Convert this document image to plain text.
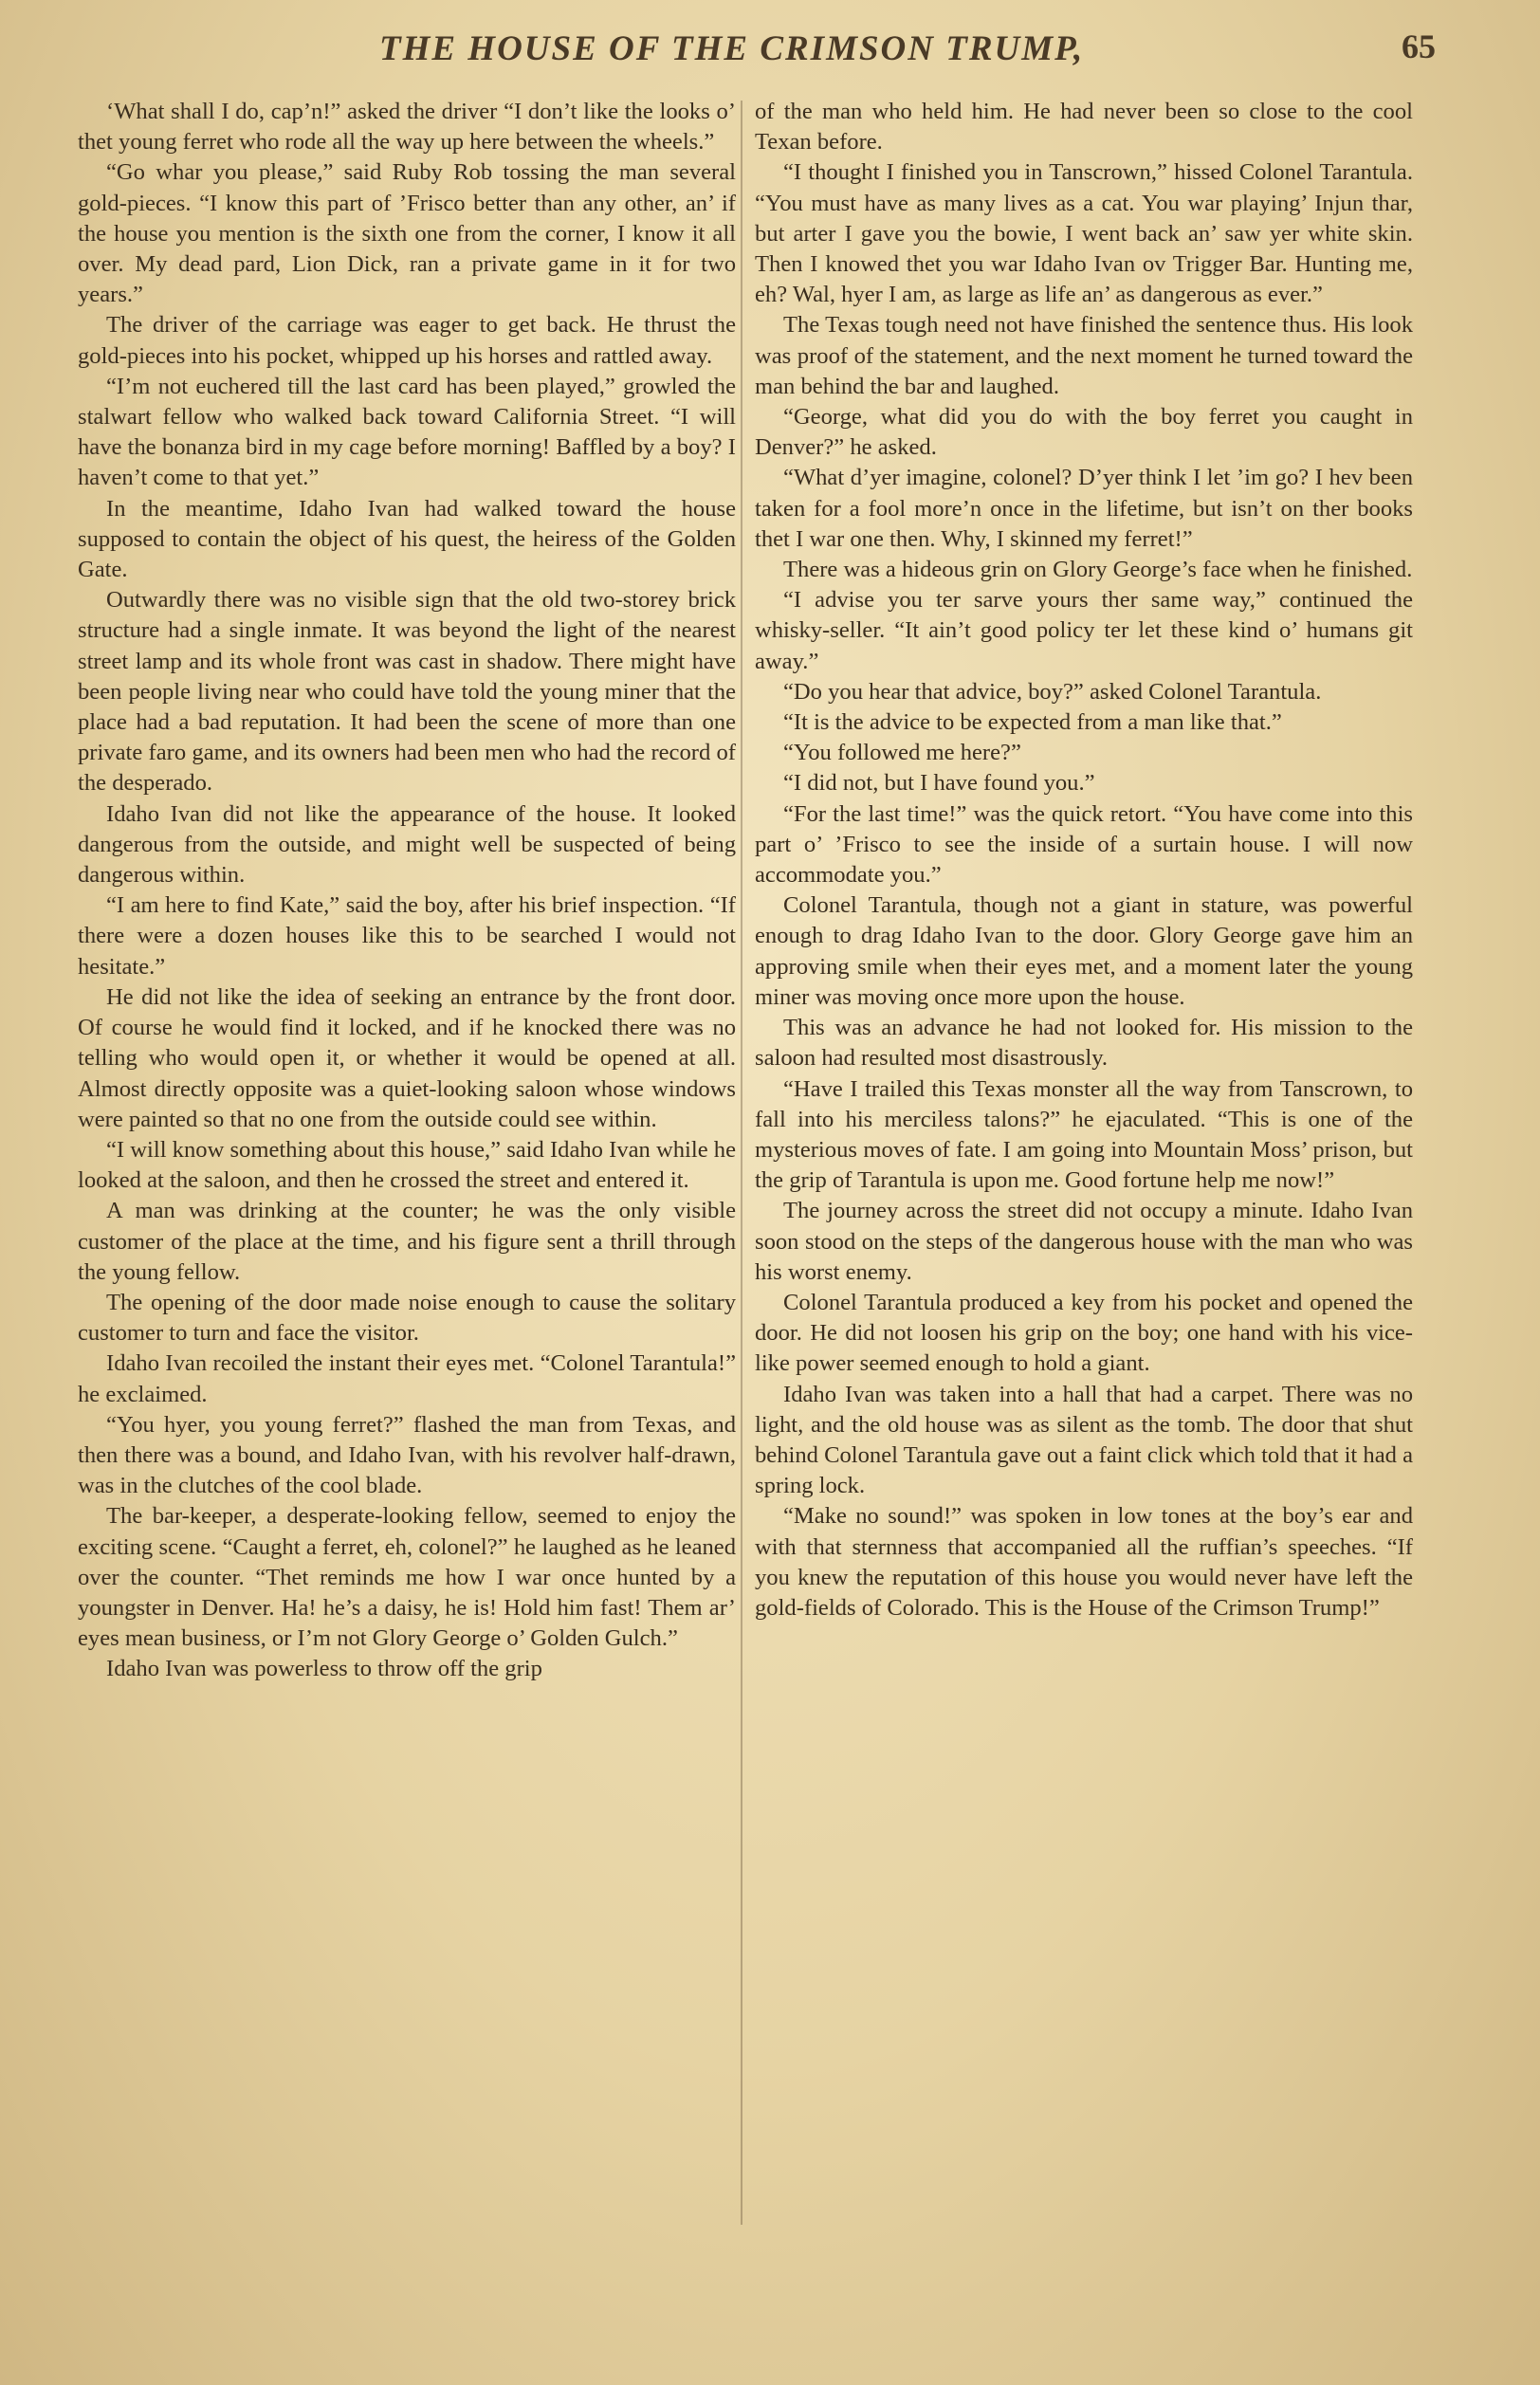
THE HOUSE OF THE CRIMSON TRUMP,	65

‘What shall I do, cap’n!” asked the driver “I don’t like the looks o’ thet young ferret who rode all the way up here between the wheels.”

“Go whar you please,” said Ruby Rob tossing the man several gold-pieces. “I know this part of ’Frisco better than any other, an’ if the house you mention is the sixth one from the corner, I know it all over. My dead pard, Lion Dick, ran a private game in it for two years.”

The driver of the carriage was eager to get back. He thrust the gold-pieces into his pocket, whipped up his horses and rattled away.

“I’m not euchered till the last card has been played,” growled the stalwart fellow who walked back toward California Street. “I will have the bonanza bird in my cage before morning! Baffled by a boy? I haven’t come to that yet.”

In the meantime, Idaho Ivan had walked toward the house supposed to contain the object of his quest, the heiress of the Golden Gate.

Outwardly there was no visible sign that the old two-storey brick structure had a single inmate. It was beyond the light of the nearest street lamp and its whole front was cast in shadow. There might have been people living near who could have told the young miner that the place had a bad reputation. It had been the scene of more than one private faro game, and its owners had been men who had the record of the desperado.

Idaho Ivan did not like the appearance of the house. It looked dangerous from the outside, and might well be suspected of being dangerous within.

“I am here to find Kate,” said the boy, after his brief inspection. “If there were a dozen houses like this to be searched I would not hesitate.”

He did not like the idea of seeking an entrance by the front door. Of course he would find it locked, and if he knocked there was no telling who would open it, or whether it would be opened at all. Almost directly opposite was a quiet-looking saloon whose windows were painted so that no one from the outside could see within.

“I will know something about this house,” said Idaho Ivan while he looked at the saloon, and then he crossed the street and entered it.

A man was drinking at the counter; he was the only visible customer of the place at the time, and his figure sent a thrill through the young fellow.

The opening of the door made noise enough to cause the solitary customer to turn and face the visitor.

Idaho Ivan recoiled the instant their eyes met. “Colonel Tarantula!” he exclaimed.

“You hyer, you young ferret?” flashed the man from Texas, and then there was a bound, and Idaho Ivan, with his revolver half-drawn, was in the clutches of the cool blade.

The bar-keeper, a desperate-looking fellow, seemed to enjoy the exciting scene. “Caught a ferret, eh, colonel?” he laughed as he leaned over the counter. “Thet reminds me how I war once hunted by a youngster in Denver. Ha! he’s a daisy, he is! Hold him fast! Them ar’ eyes mean business, or I’m not Glory George o’ Golden Gulch.”

Idaho Ivan was powerless to throw off the grip

of the man who held him. He had never been so close to the cool Texan before.

“I thought I finished you in Tanscrown,” hissed Colonel Tarantula. “You must have as many lives as a cat. You war playing’ Injun thar, but arter I gave you the bowie, I went back an’ saw yer white skin. Then I knowed thet you war Idaho Ivan ov Trigger Bar. Hunting me, eh? Wal, hyer I am, as large as life an’ as dangerous as ever.”

The Texas tough need not have finished the sentence thus. His look was proof of the statement, and the next moment he turned toward the man behind the bar and laughed.

“George, what did you do with the boy ferret you caught in Denver?” he asked.

“What d’yer imagine, colonel? D’yer think I let ’im go? I hev been taken for a fool more’n once in the lifetime, but isn’t on ther books thet I war one then. Why, I skinned my ferret!”

There was a hideous grin on Glory George’s face when he finished.

“I advise you ter sarve yours ther same way,” continued the whisky-seller. “It ain’t good policy ter let these kind o’ humans git away.”

“Do you hear that advice, boy?” asked Colonel Tarantula.

“It is the advice to be expected from a man like that.”

“You followed me here?”

“I did not, but I have found you.”

“For the last time!” was the quick retort. “You have come into this part o’ ’Frisco to see the inside of a surtain house. I will now accommodate you.”

Colonel Tarantula, though not a giant in stature, was powerful enough to drag Idaho Ivan to the door. Glory George gave him an approving smile when their eyes met, and a moment later the young miner was moving once more upon the house.

This was an advance he had not looked for. His mission to the saloon had resulted most disastrously.

“Have I trailed this Texas monster all the way from Tanscrown, to fall into his merciless talons?” he ejaculated. “This is one of the mysterious moves of fate. I am going into Mountain Moss’ prison, but the grip of Tarantula is upon me. Good fortune help me now!”

The journey across the street did not occupy a minute. Idaho Ivan soon stood on the steps of the dangerous house with the man who was his worst enemy.

Colonel Tarantula produced a key from his pocket and opened the door. He did not loosen his grip on the boy; one hand with his vice-like power seemed enough to hold a giant.

Idaho Ivan was taken into a hall that had a carpet. There was no light, and the old house was as silent as the tomb. The door that shut behind Colonel Tarantula gave out a faint click which told that it had a spring lock.

“Make no sound!” was spoken in low tones at the boy’s ear and with that sternness that accompanied all the ruffian’s speeches. “If you knew the reputation of this house you would never have left the gold-fields of Colorado. This is the House of the Crimson Trump!”
